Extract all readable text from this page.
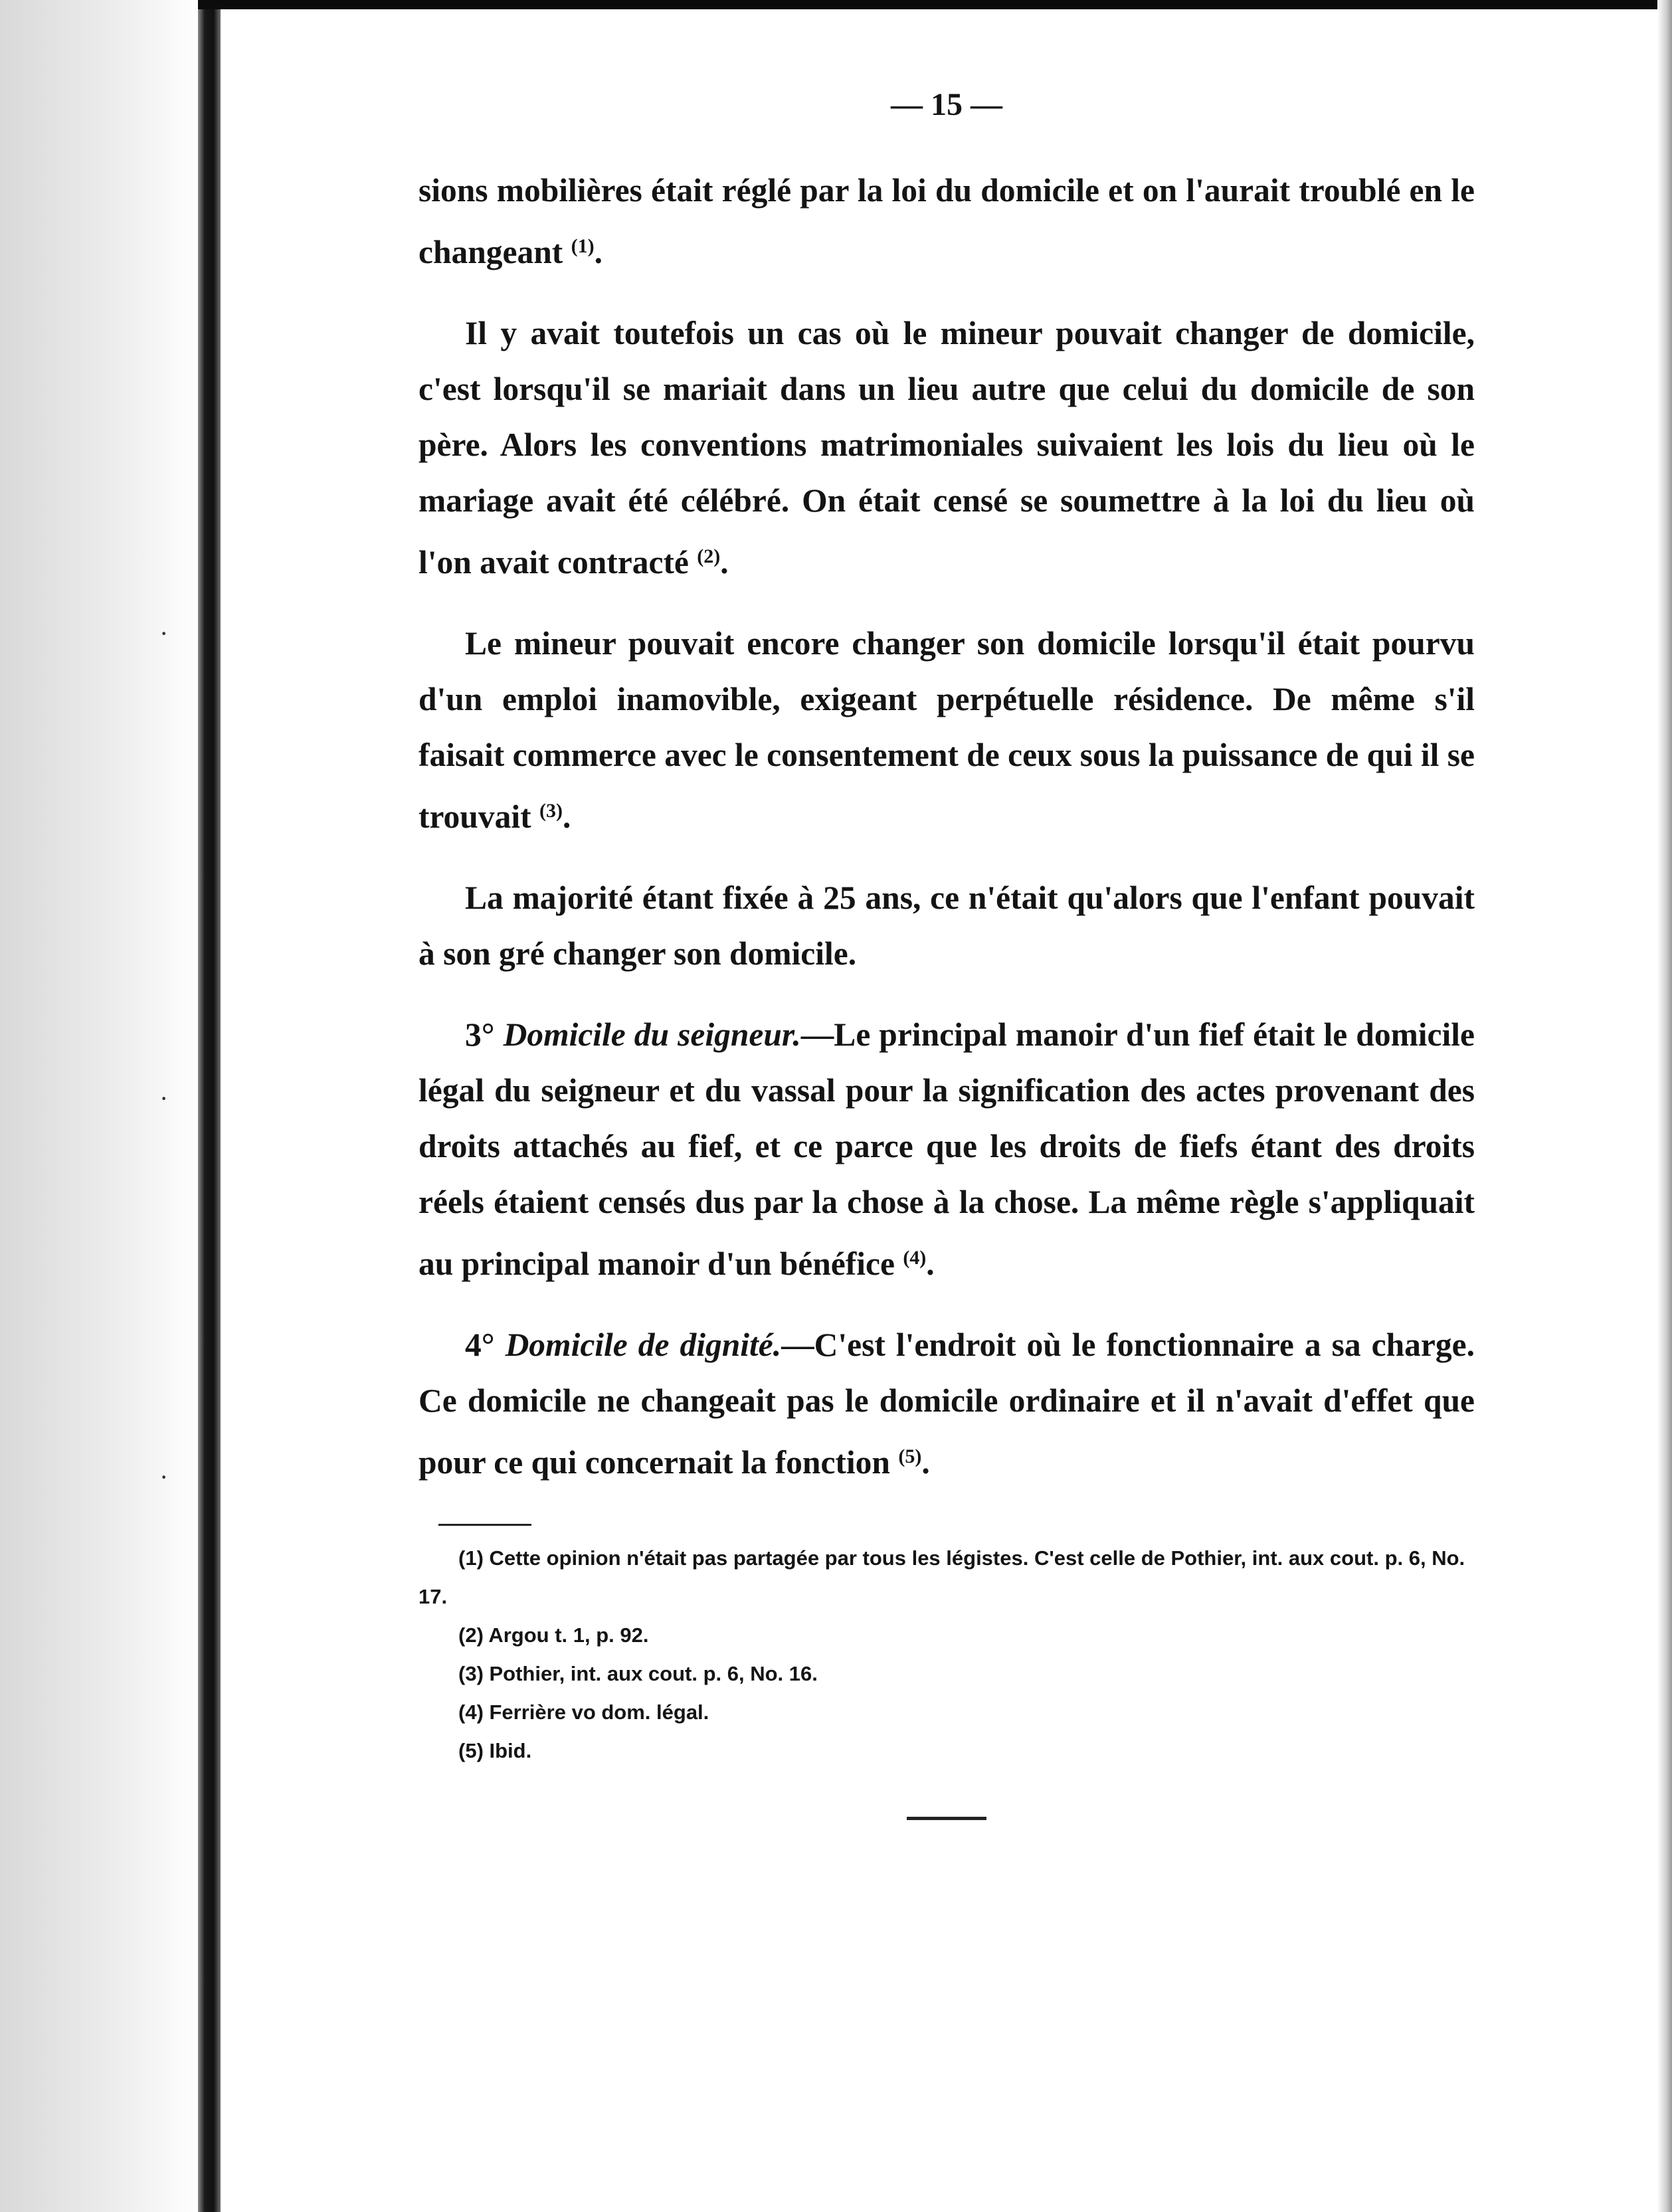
·
·
·
— 15 —

sions mobilières était réglé par la loi du domicile et on l'aurait troublé en le changeant $^{(1)}$.

Il y avait toutefois un cas où le mineur pouvait changer de domicile, c'est lorsqu'il se mariait dans un lieu autre que celui du domicile de son père. Alors les conventions matrimoniales suivaient les lois du lieu où le mariage avait été célébré. On était censé se soumettre à la loi du lieu où l'on avait contracté $^{(2)}$.

Le mineur pouvait encore changer son domicile lorsqu'il était pourvu d'un emploi inamovible, exigeant perpétuelle résidence. De même s'il faisait commerce avec le consentement de ceux sous la puissance de qui il se trouvait $^{(3)}$.

La majorité étant fixée à 25 ans, ce n'était qu'alors que l'enfant pouvait à son gré changer son domicile.

3° Domicile du seigneur.—Le principal manoir d'un fief était le domicile légal du seigneur et du vassal pour la signification des actes provenant des droits attachés au fief, et ce parce que les droits de fiefs étant des droits réels étaient censés dus par la chose à la chose. La même règle s'appliquait au principal manoir d'un bénéfice $^{(4)}$.

4° Domicile de dignité.—C'est l'endroit où le fonctionnaire a sa charge. Ce domicile ne changeait pas le domicile ordinaire et il n'avait d'effet que pour ce qui concernait la fonction $^{(5)}$.

(1) Cette opinion n'était pas partagée par tous les légistes. C'est celle de Pothier, int. aux cout. p. 6, No. 17.
(2) Argou t. 1, p. 92.
(3) Pothier, int. aux cout. p. 6, No. 16.
(4) Ferrière vo dom. légal.
(5) Ibid.
